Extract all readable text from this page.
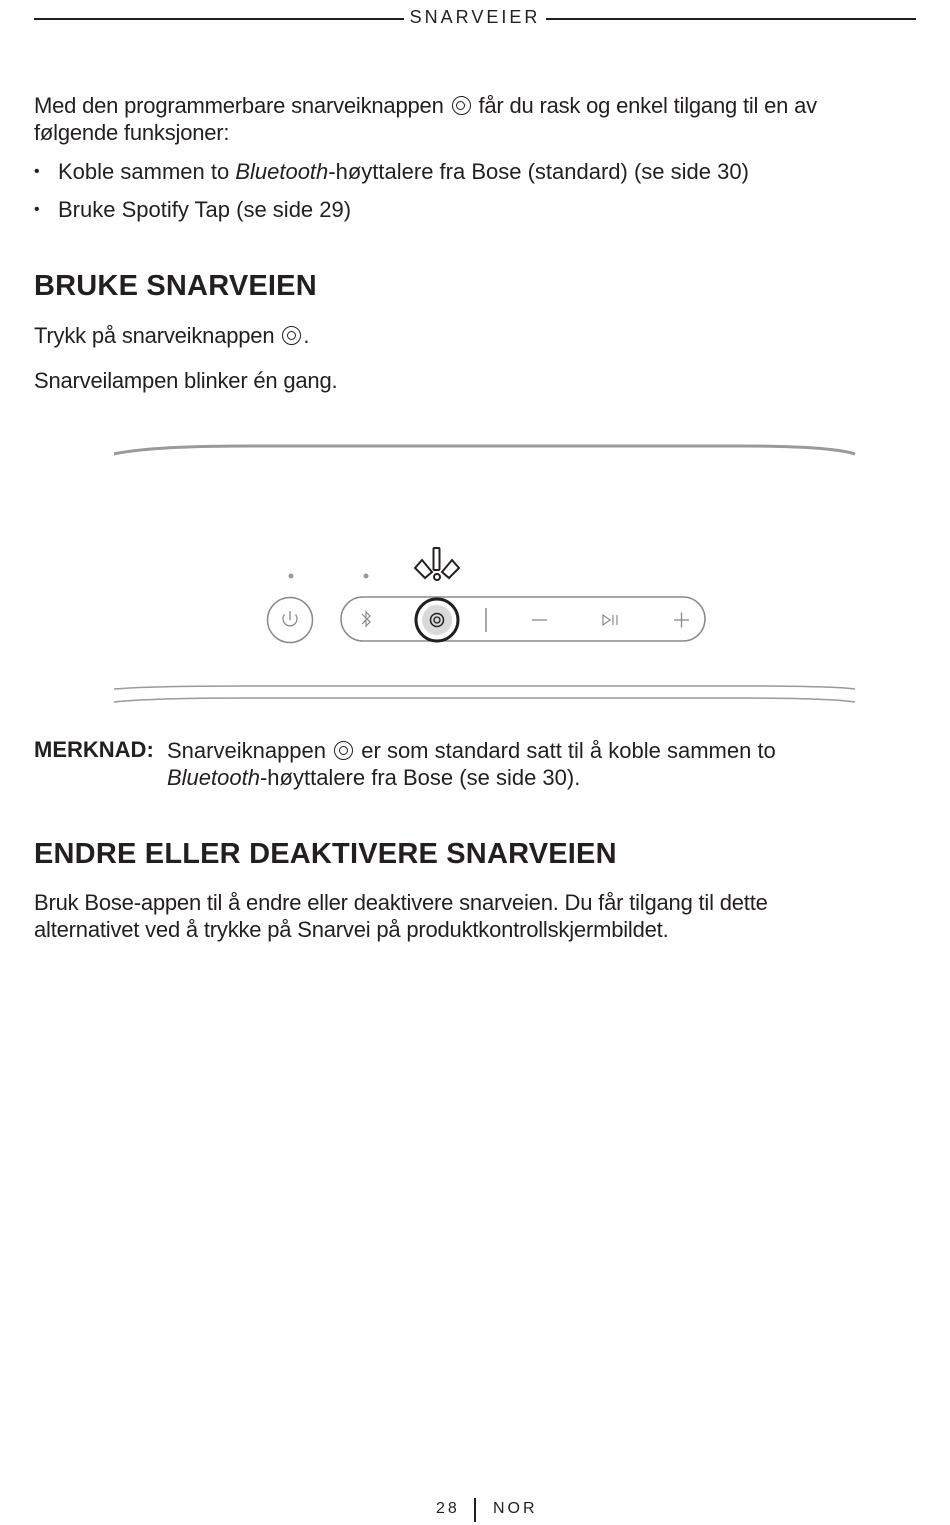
SNARVEIER
Med den programmerbare snarveiknappen får du rask og enkel tilgang til en av
følgende funksjoner:
• Koble sammen to Bluetooth-høyttalere fra Bose (standard) (se side 30)
• Bruke Spotify Tap (se side 29)
BRUKE SNARVEIEN
Trykk på snarveiknappen .
Snarveilampen blinker én gang.
MERKNAD: Snarveiknappen er som standard satt til å koble sammen to
Bluetooth-høyttalere fra Bose (se side 30).
ENDRE ELLER DEAKTIVERE SNARVEIEN
Bruk Bose-appen til å endre eller deaktivere snarveien. Du får tilgang til dette
alternativet ved å trykke på Snarvei på produktkontrollskjermbildet.
28 NOR
